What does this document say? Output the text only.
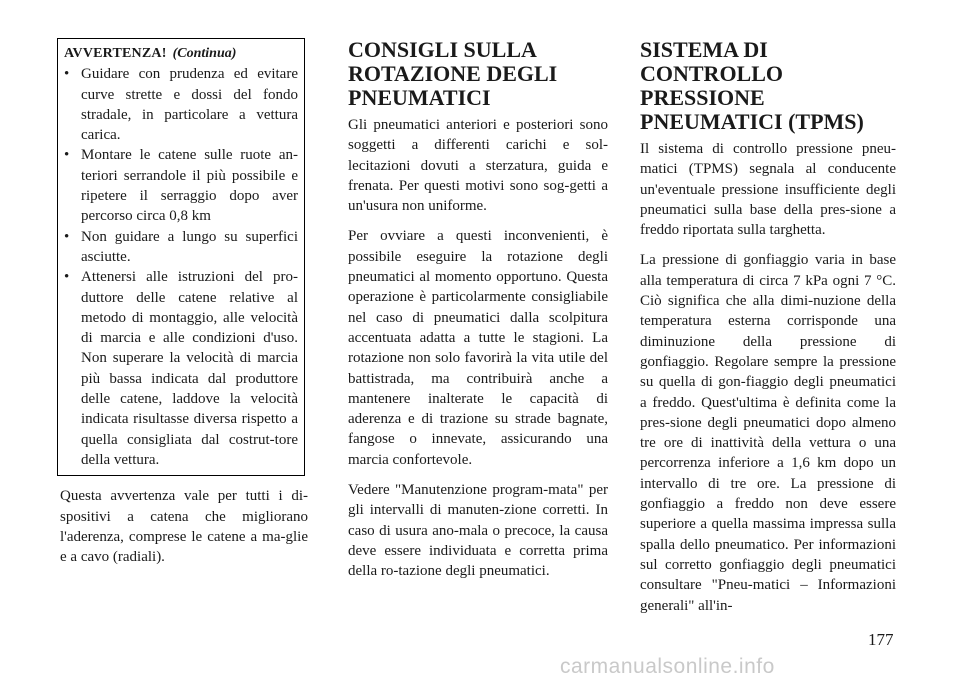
AVVERTENZA! (Continua)
• Guidare con prudenza ed evitare curve strette e dossi del fondo stradale, in particolare a vettura carica.
• Montare le catene sulle ruote an-teriori serrandole il più possibile e ripetere il serraggio dopo aver percorso circa 0,8 km
• Non guidare a lungo su superfici asciutte.
• Attenersi alle istruzioni del pro-duttore delle catene relative al metodo di montaggio, alle velocità di marcia e alle condizioni d'uso. Non superare la velocità di marcia più bassa indicata dal produttore delle catene, laddove la velocità indicata risultasse diversa rispetto a quella consigliata dal costrut-tore della vettura.

Questa avvertenza vale per tutti i di-spositivi a catena che migliorano l'aderenza, comprese le catene a ma-glie e a cavo (radiali).

CONSIGLI SULLA ROTAZIONE DEGLI PNEUMATICI

Gli pneumatici anteriori e posteriori sono soggetti a differenti carichi e sol-lecitazioni dovuti a sterzatura, guida e frenata. Per questi motivi sono sog-getti a un'usura non uniforme.

Per ovviare a questi inconvenienti, è possibile eseguire la rotazione degli pneumatici al momento opportuno. Questa operazione è particolarmente consigliabile nel caso di pneumatici dalla scolpitura accentuata adatta a tutte le stagioni. La rotazione non solo favorirà la vita utile del battistrada, ma contribuirà anche a mantenere inalterate le capacità di aderenza e di trazione su strade bagnate, fangose o innevate, assicurando una marcia confortevole.

Vedere "Manutenzione program-mata" per gli intervalli di manuten-zione corretti. In caso di usura ano-mala o precoce, la causa deve essere individuata e corretta prima della ro-tazione degli pneumatici.

SISTEMA DI CONTROLLO PRESSIONE PNEUMATICI (TPMS)

Il sistema di controllo pressione pneu-matici (TPMS) segnala al conducente un'eventuale pressione insufficiente degli pneumatici sulla base della pres-sione a freddo riportata sulla targhetta.

La pressione di gonfiaggio varia in base alla temperatura di circa 7 kPa ogni 7 °C. Ciò significa che alla dimi-nuzione della temperatura esterna corrisponde una diminuzione della pressione di gonfiaggio. Regolare sempre la pressione su quella di gon-fiaggio degli pneumatici a freddo. Quest'ultima è definita come la pres-sione degli pneumatici dopo almeno tre ore di inattività della vettura o una percorrenza inferiore a 1,6 km dopo un intervallo di tre ore. La pressione di gonfiaggio a freddo non deve essere superiore a quella massima impressa sulla spalla dello pneumatico. Per informazioni sul corretto gonfiaggio degli pneumatici consultare "Pneu-matici – Informazioni generali" all'in-

177
carmanualsonline.info
